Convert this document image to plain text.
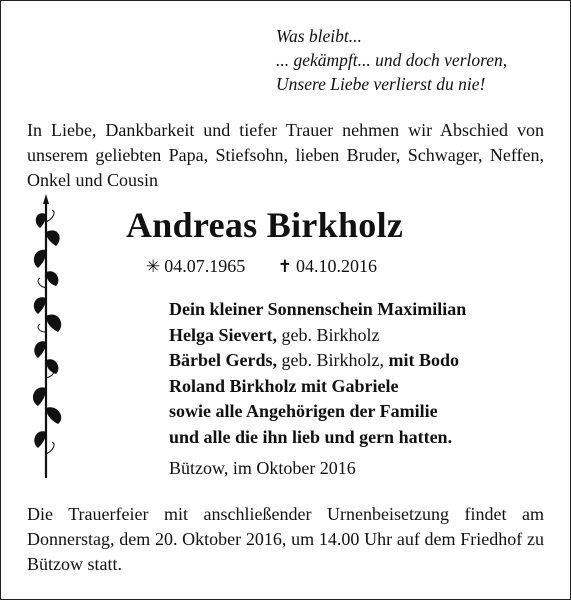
Was bleibt...
... gekämpft... und doch verloren,
Unsere Liebe verlierst du nie!
In Liebe, Dankbarkeit und tiefer Trauer nehmen wir Abschied von unserem geliebten Papa, Stiefsohn, lieben Bruder, Schwager, Neffen, Onkel und Cousin
Andreas Birkholz
✳ 04.07.1965 ✝ 04.10.2016
Dein kleiner Sonnenschein Maximilian
Helga Sievert, geb. Birkholz
Bärbel Gerds, geb. Birkholz, mit Bodo
Roland Birkholz mit Gabriele
sowie alle Angehörigen der Familie
und alle die ihn lieb und gern hatten.
Bützow, im Oktober 2016
Die Trauerfeier mit anschließender Urnenbeisetzung findet am Donnerstag, dem 20. Oktober 2016, um 14.00 Uhr auf dem Friedhof zu Bützow statt.
